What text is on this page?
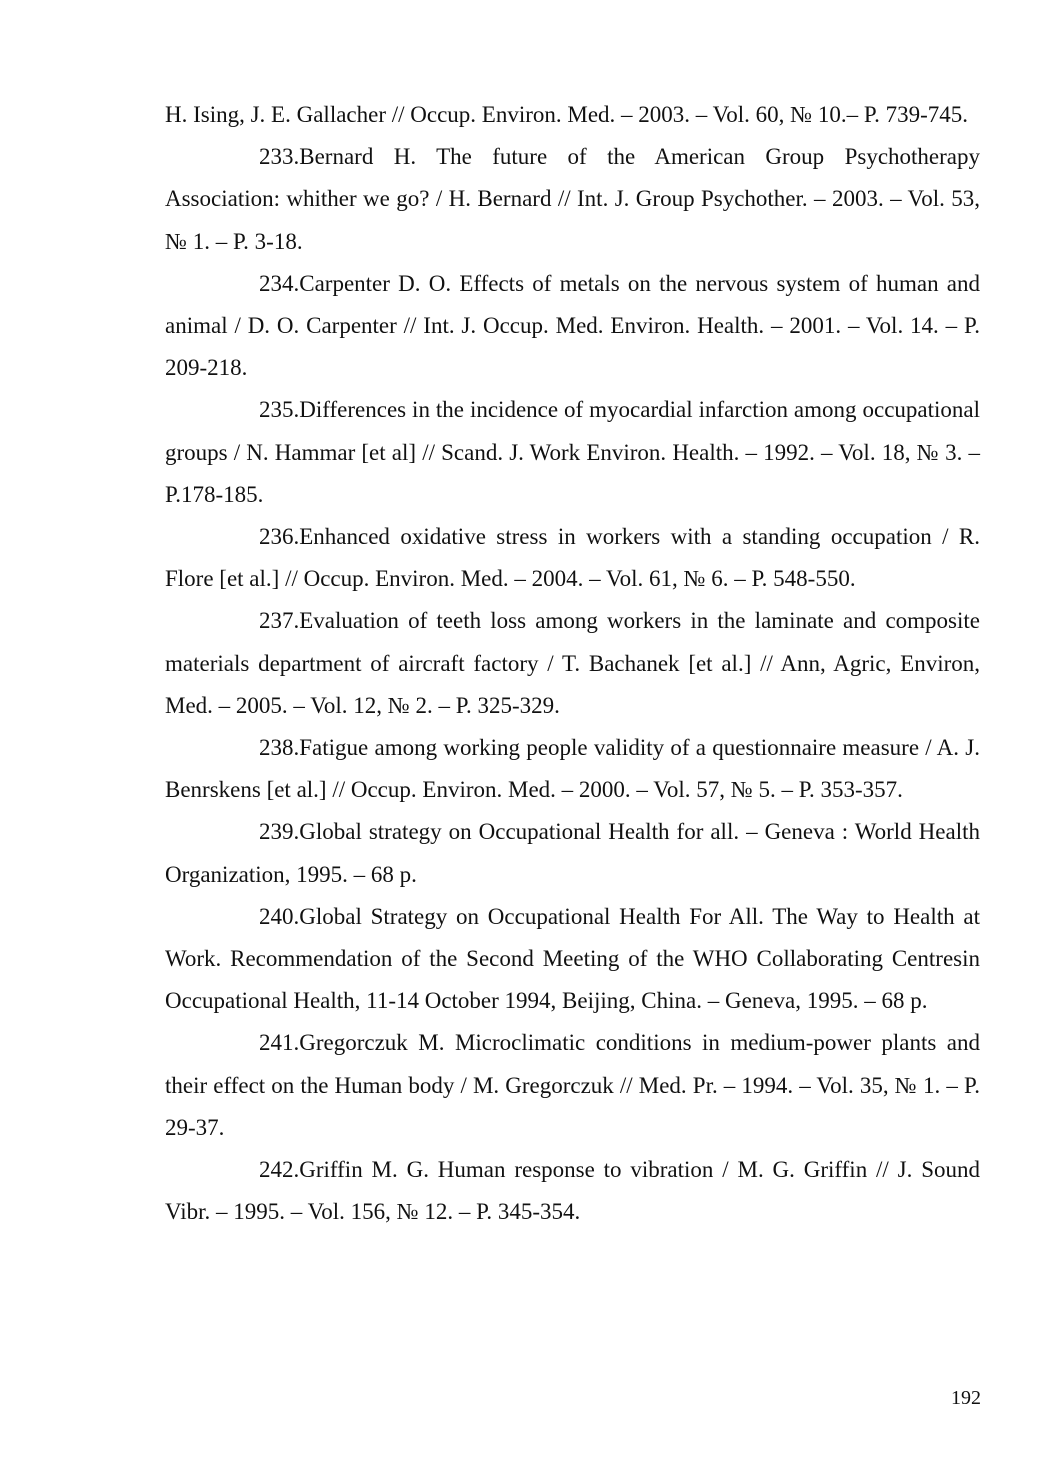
H. Ising, J. E. Gallacher // Occup. Environ. Med. – 2003. – Vol. 60, № 10.– P. 739-745.

233.Bernard H. The future of the American Group Psychotherapy Association: whither we go? / H. Bernard // Int. J. Group Psychother. – 2003. – Vol. 53, № 1. – P. 3-18.

234.Carpenter D. O. Effects of metals on the nervous system of human and animal / D. O. Carpenter // Int. J. Occup. Med. Environ. Health. – 2001. – Vol. 14. – P. 209-218.

235.Differences in the incidence of myocardial infarction among occupational groups / N. Hammar [et al] // Scand. J. Work Environ. Health. – 1992. – Vol. 18, № 3. – P.178-185.

236.Enhanced oxidative stress in workers with a standing occupation / R. Flore [et al.] // Occup. Environ. Med. – 2004. – Vol. 61, № 6. – P. 548-550.

237.Evaluation of teeth loss among workers in the laminate and composite materials department of aircraft factory / T. Bachanek [et al.] // Ann, Agric, Environ, Med. – 2005. – Vol. 12, № 2. – P. 325-329.

238.Fatigue among working people validity of a questionnaire measure / A. J. Benrskens [et al.] // Occup. Environ. Med. – 2000. – Vol. 57, № 5. – P. 353-357.

239.Global strategy on Occupational Health for all. – Geneva : World Health Organization, 1995. – 68 p.

240.Global Strategy on Occupational Health For All. The Way to Health at Work. Recommendation of the Second Meeting of the WHO Collaborating Centresin Occupational Health, 11-14 October 1994, Beijing, China. – Geneva, 1995. – 68 p.

241.Gregorczuk M. Microclimatic conditions in medium-power plants and their effect on the Human body / M. Gregorczuk // Med. Pr. – 1994. – Vol. 35, № 1. – P. 29-37.

242.Griffin M. G. Human response to vibration / M. G. Griffin // J. Sound Vibr. – 1995. – Vol. 156, № 12. – P. 345-354.

192
